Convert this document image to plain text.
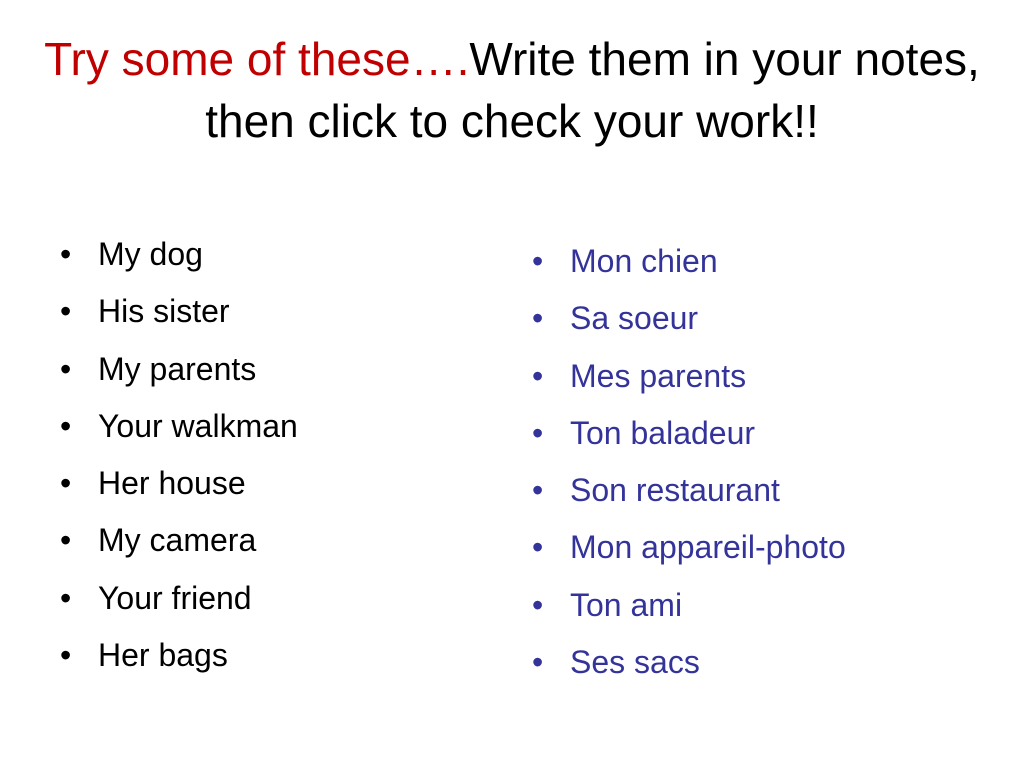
Try some of these….Write them in your notes, then click to check your work!!
• My dog
• His sister
• My parents
• Your walkman
• Her house
• My camera
• Your friend
• Her bags
• Mon chien
• Sa soeur
• Mes parents
• Ton baladeur
• Son restaurant
• Mon appareil-photo
• Ton ami
• Ses sacs
